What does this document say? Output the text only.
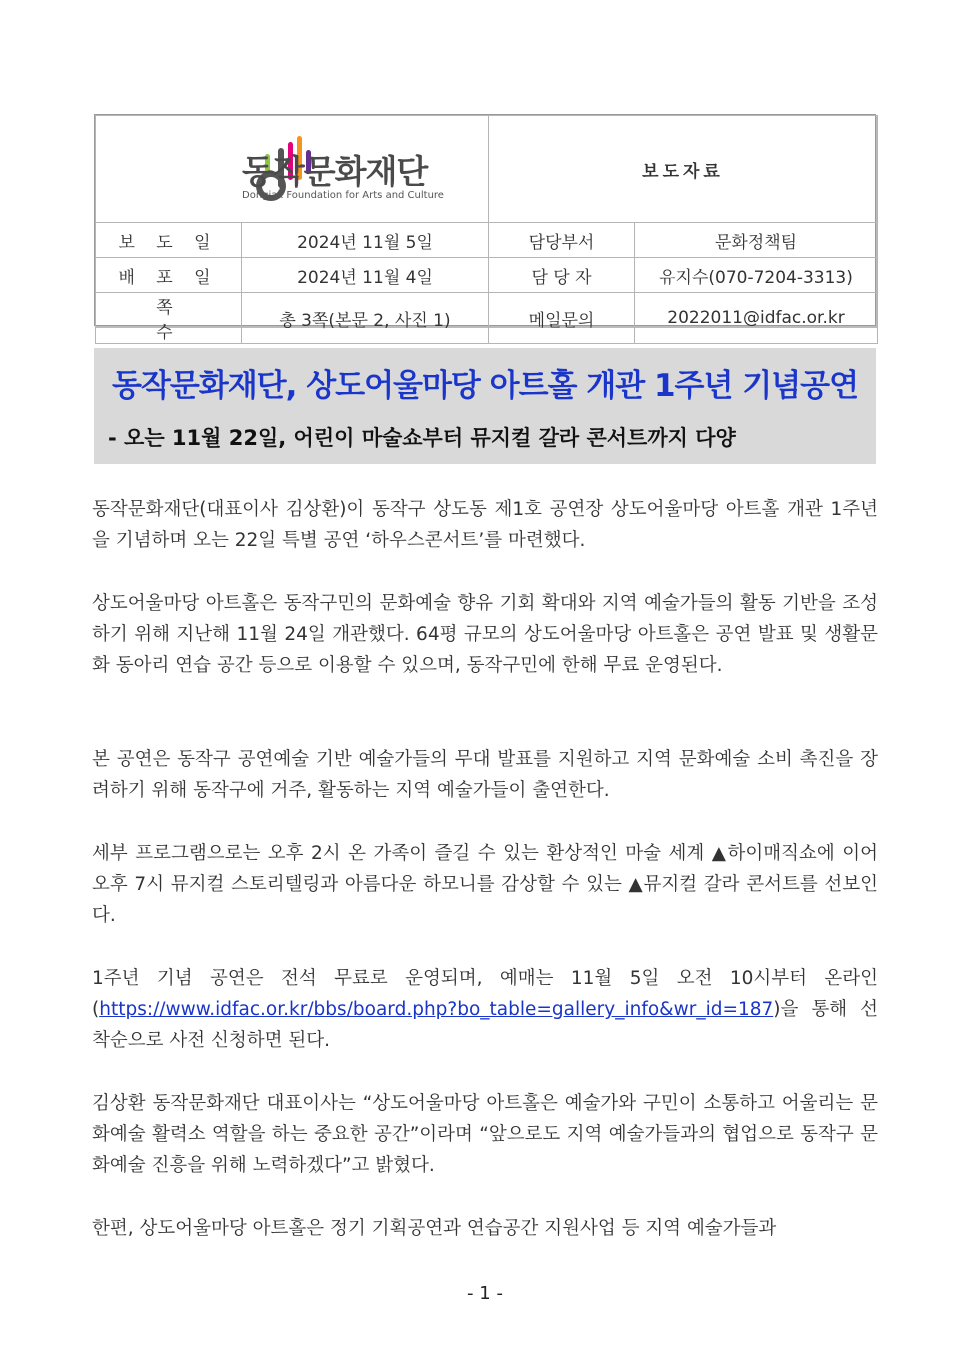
동작문화재단
Dongjak Foundation for Arts and Culture		보도자료	
보 도 일	2024년 11월 5일	담당부서	문화정책팀
배 포 일	2024년 11월 4일	담 당 자	유지수(070-7204-3313)
쪽 수	총 3쪽(본문 2, 사진 1)	메일문의	2022011@idfac.or.kr
동작문화재단, 상도어울마당 아트홀 개관 1주년 기념공연
- 오는 11월 22일, 어린이 마술쇼부터 뮤지컬 갈라 콘서트까지 다양
동작문화재단(대표이사 김상환)이 동작구 상도동 제1호 공연장 상도어울마당 아트홀 개관 1주년을 기념하며 오는 22일 특별 공연 ‘하우스콘서트’를 마련했다.
상도어울마당 아트홀은 동작구민의 문화예술 향유 기회 확대와 지역 예술가들의 활동 기반을 조성하기 위해 지난해 11월 24일 개관했다. 64평 규모의 상도어울마당 아트홀은 공연 발표 및 생활문화 동아리 연습 공간 등으로 이용할 수 있으며, 동작구민에 한해 무료 운영된다.
본 공연은 동작구 공연예술 기반 예술가들의 무대 발표를 지원하고 지역 문화예술 소비 촉진을 장려하기 위해 동작구에 거주, 활동하는 지역 예술가들이 출연한다.
세부 프로그램으로는 오후 2시 온 가족이 즐길 수 있는 환상적인 마술 세계 ▲하이매직쇼에 이어 오후 7시 뮤지컬 스토리텔링과 아름다운 하모니를 감상할 수 있는 ▲뮤지컬 갈라 콘서트를 선보인다.
1주년 기념 공연은 전석 무료로 운영되며, 예매는 11월 5일 오전 10시부터 온라인(https://www.idfac.or.kr/bbs/board.php?bo_table=gallery_info&wr_id=187)을 통해 선착순으로 사전 신청하면 된다.
김상환 동작문화재단 대표이사는 “상도어울마당 아트홀은 예술가와 구민이 소통하고 어울리는 문화예술 활력소 역할을 하는 중요한 공간”이라며 “앞으로도 지역 예술가들과의 협업으로 동작구 문화예술 진흥을 위해 노력하겠다”고 밝혔다.
한편, 상도어울마당 아트홀은 정기 기획공연과 연습공간 지원사업 등 지역 예술가들과
- 1 -
